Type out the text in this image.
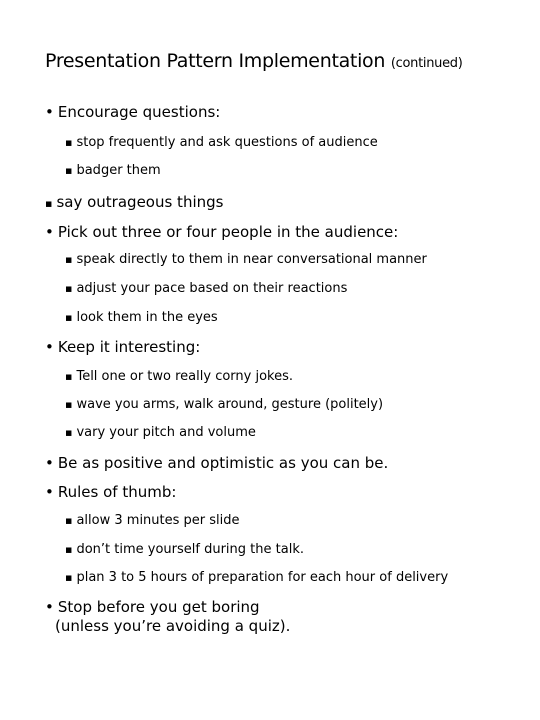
Presentation Pattern Implementation (continued)
• Encourage questions:
▪ stop frequently and ask questions of audience
▪ badger them
▪ say outrageous things
• Pick out three or four people in the audience:
▪ speak directly to them in near conversational manner
▪ adjust your pace based on their reactions
▪ look them in the eyes
• Keep it interesting:
▪ Tell one or two really corny jokes.
▪ wave you arms, walk around, gesture (politely)
▪ vary your pitch and volume
• Be as positive and optimistic as you can be.
• Rules of thumb:
▪ allow 3 minutes per slide
▪ don’t time yourself during the talk.
▪ plan 3 to 5 hours of preparation for each hour of delivery
• Stop before you get boring
(unless you’re avoiding a quiz).
